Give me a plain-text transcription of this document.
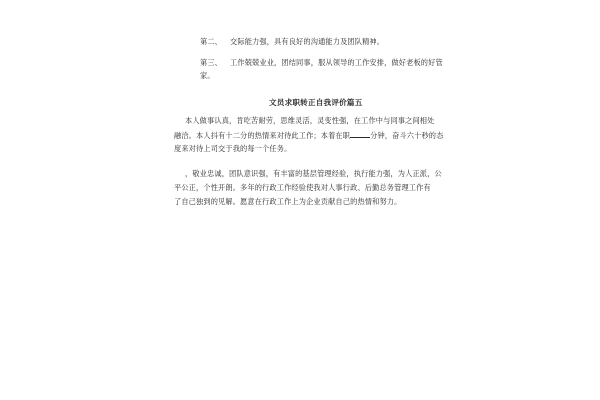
第二、 交际能力强，具有良好的沟通能力及团队精神。
第三、 工作兢兢业业，团结同事，服从领导的工作安排，做好老板的好管
家。
文员求职转正自我评价篇五
本人做事认真，肯吃苦耐劳，思维灵活，灵变性强，在工作中与同事之间相处
融洽。本人抖有十二分的热情来对待此工作；本着在职	分钟，奋斗六十秒的态
度来对待上司交于我的每一个任务。
，敬业忠诚，团队意识强，有丰富的基层管理经验，执行能力强，为人正派，公
平公正，个性开朗。多年的行政工作经验使我对人事行政、后勤总务管理工作有
了自己独到的见解。愿意在行政工作上为企业贡献自己的热情和努力。
